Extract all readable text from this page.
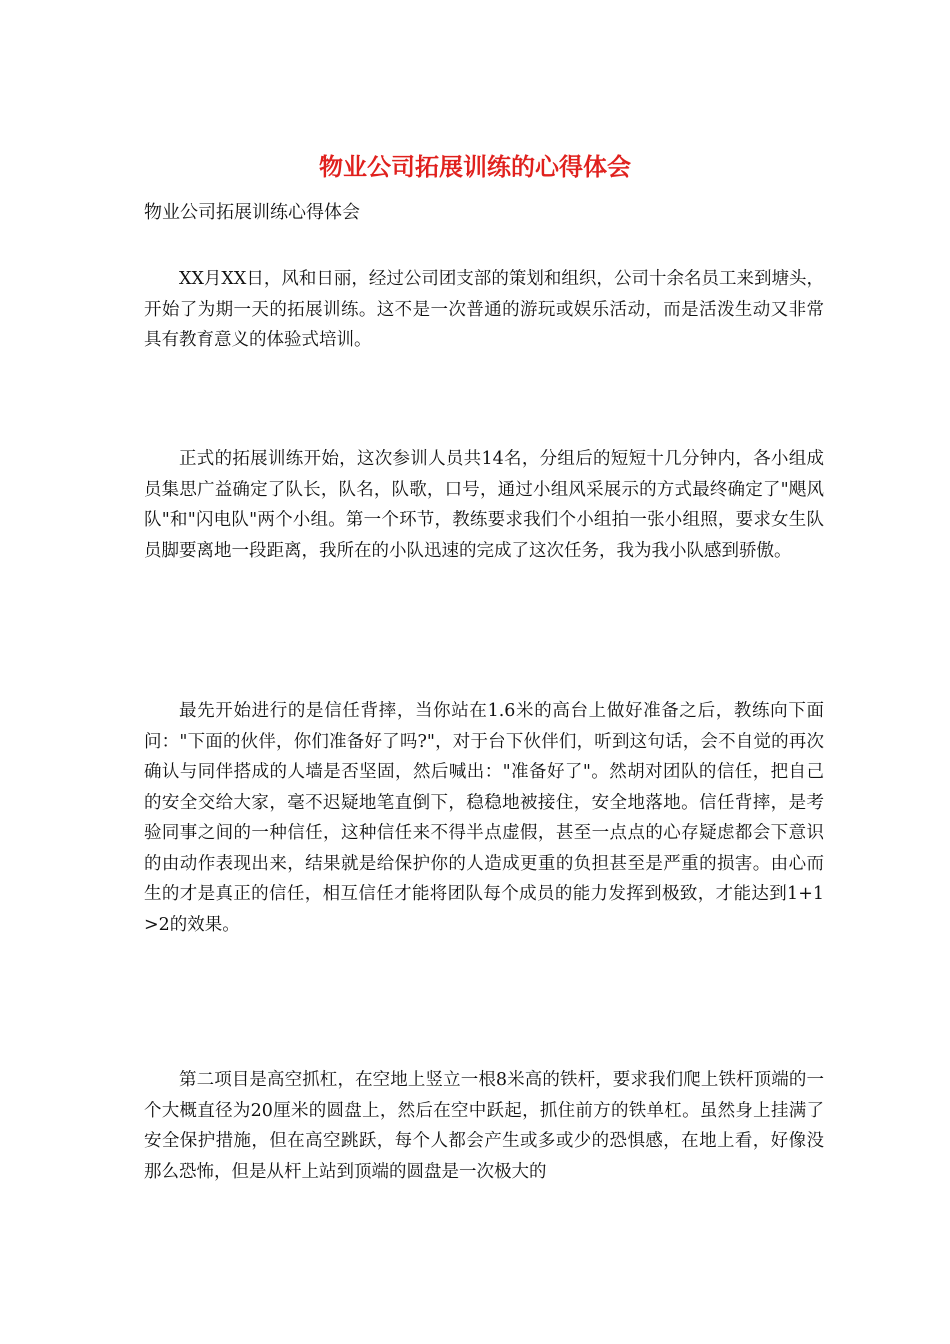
物业公司拓展训练的心得体会

物业公司拓展训练心得体会

XX月XX日，风和日丽，经过公司团支部的策划和组织，公司十余名员工来到塘头，开始了为期一天的拓展训练。这不是一次普通的游玩或娱乐活动，而是活泼生动又非常具有教育意义的体验式培训。

正式的拓展训练开始，这次参训人员共14名，分组后的短短十几分钟内，各小组成员集思广益确定了队长，队名，队歌，口号，通过小组风采展示的方式最终确定了"飓风队"和"闪电队"两个小组。第一个环节，教练要求我们个小组拍一张小组照，要求女生队员脚要离地一段距离，我所在的小队迅速的完成了这次任务，我为我小队感到骄傲。

最先开始进行的是信任背摔，当你站在1.6米的高台上做好准备之后，教练向下面问："下面的伙伴，你们准备好了吗?"，对于台下伙伴们，听到这句话，会不自觉的再次确认与同伴搭成的人墙是否坚固，然后喊出："准备好了"。然胡对团队的信任，把自己的安全交给大家，毫不迟疑地笔直倒下，稳稳地被接住，安全地落地。信任背摔，是考验同事之间的一种信任，这种信任来不得半点虚假，甚至一点点的心存疑虑都会下意识的由动作表现出来，结果就是给保护你的人造成更重的负担甚至是严重的损害。由心而生的才是真正的信任，相互信任才能将团队每个成员的能力发挥到极致，才能达到1+1>2的效果。

第二项目是高空抓杠，在空地上竖立一根8米高的铁杆，要求我们爬上铁杆顶端的一个大概直径为20厘米的圆盘上，然后在空中跃起，抓住前方的铁单杠。虽然身上挂满了安全保护措施，但在高空跳跃，每个人都会产生或多或少的恐惧感，在地上看，好像没那么恐怖，但是从杆上站到顶端的圆盘是一次极大的
